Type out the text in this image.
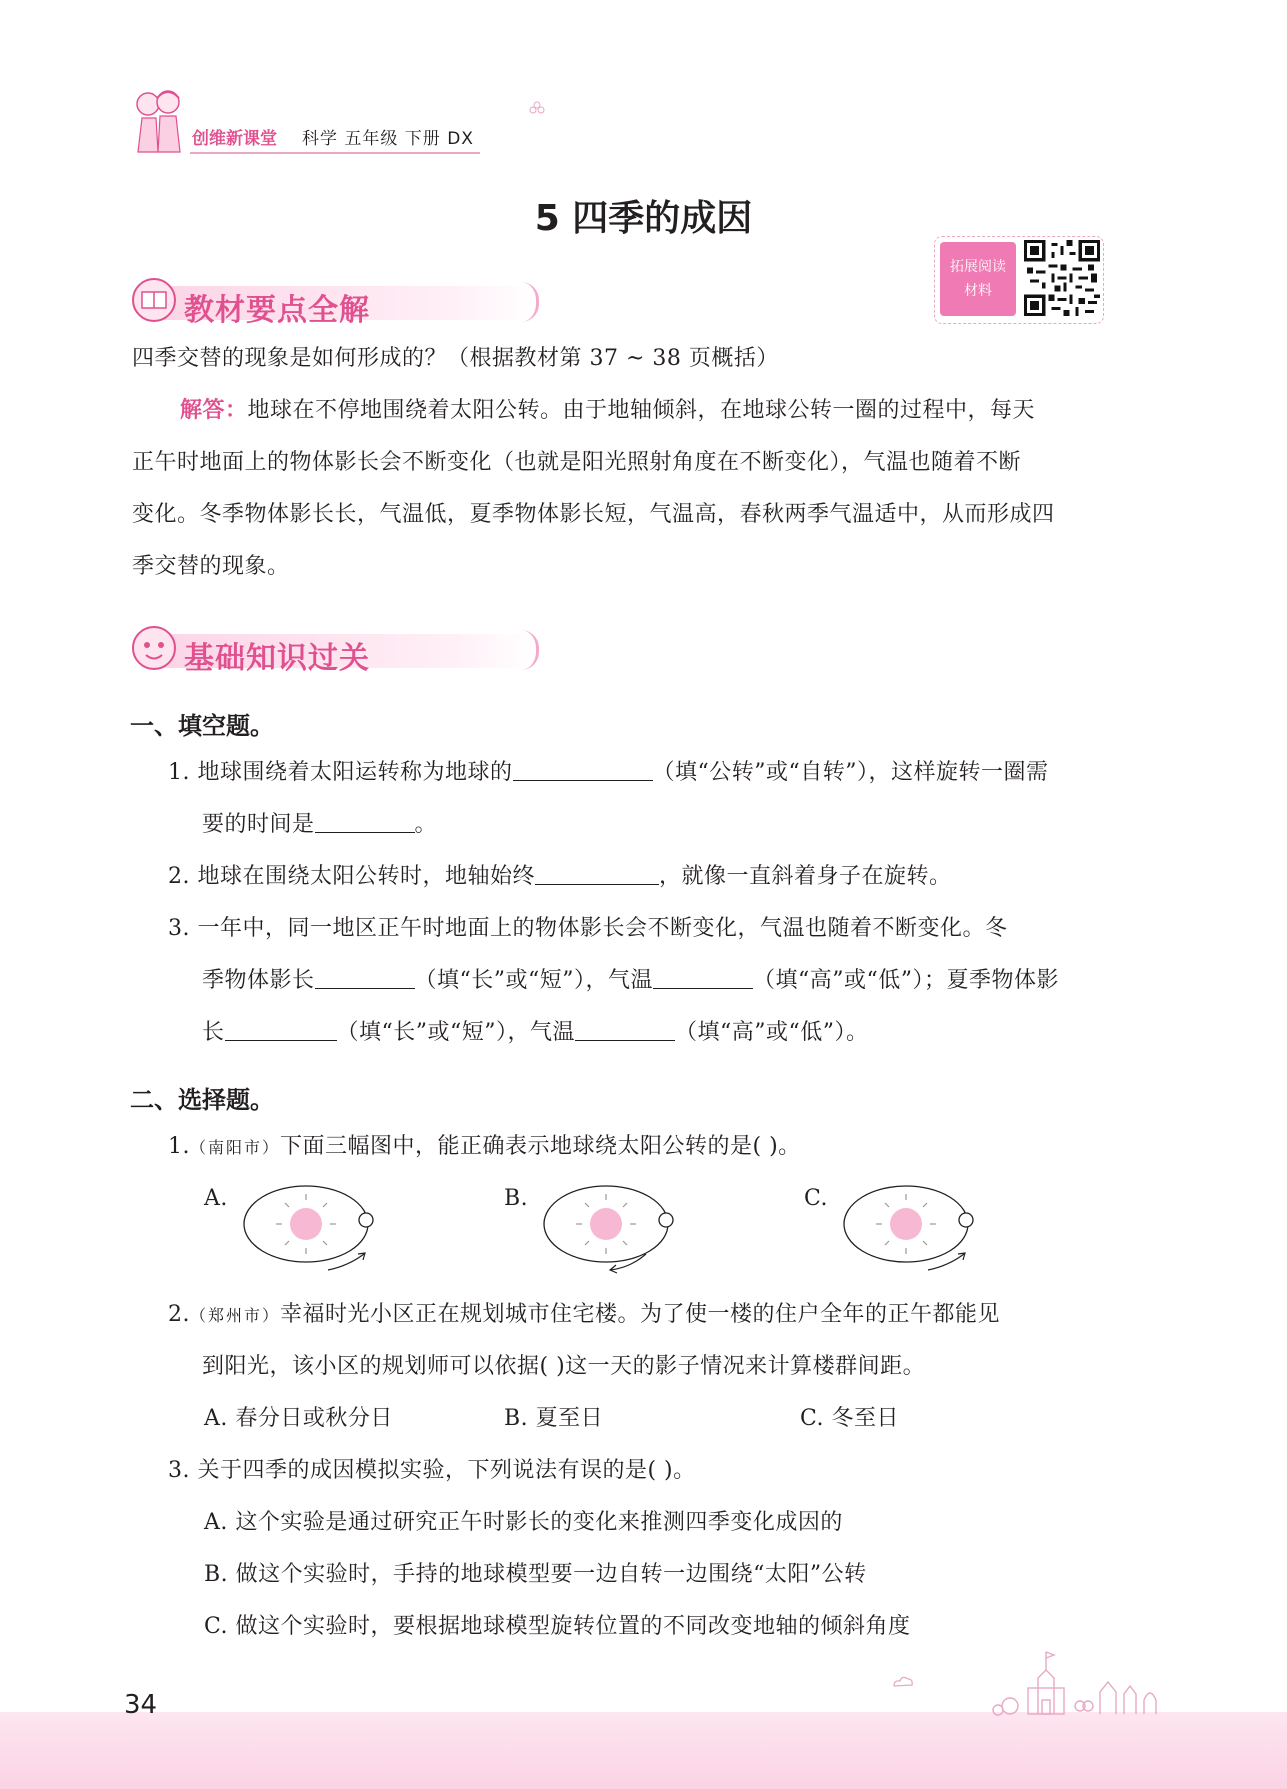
创维新课堂 科学 五年级 下册 DX
5 四季的成因
拓展阅读
材料
教材要点全解
四季交替的现象是如何形成的？（根据教材第 37 ~ 38 页概括）
解答：地球在不停地围绕着太阳公转。由于地轴倾斜，在地球公转一圈的过程中，每天
正午时地面上的物体影长会不断变化（也就是阳光照射角度在不断变化），气温也随着不断
变化。冬季物体影长长，气温低，夏季物体影长短，气温高，春秋两季气温适中，从而形成四
季交替的现象。
基础知识过关
一、填空题。
1. 地球围绕着太阳运转称为地球的	（填“公转”或“自转”），这样旋转一圈需
要的时间是	。
2. 地球在围绕太阳公转时，地轴始终	，就像一直斜着身子在旋转。
3. 一年中，同一地区正午时地面上的物体影长会不断变化，气温也随着不断变化。冬
季物体影长	（填“长”或“短”），气温	（填“高”或“低”）；夏季物体影
长	（填“长”或“短”），气温	（填“高”或“低”）。
二、选择题。
1.（南阳市）下面三幅图中，能正确表示地球绕太阳公转的是( )。
A.	B.	C.
2.（郑州市）幸福时光小区正在规划城市住宅楼。为了使一楼的住户全年的正午都能见
到阳光，该小区的规划师可以依据( )这一天的影子情况来计算楼群间距。
A. 春分日或秋分日	B. 夏至日	C. 冬至日
3. 关于四季的成因模拟实验，下列说法有误的是( )。
A. 这个实验是通过研究正午时影长的变化来推测四季变化成因的
B. 做这个实验时，手持的地球模型要一边自转一边围绕“太阳”公转
C. 做这个实验时，要根据地球模型旋转位置的不同改变地轴的倾斜角度
34
